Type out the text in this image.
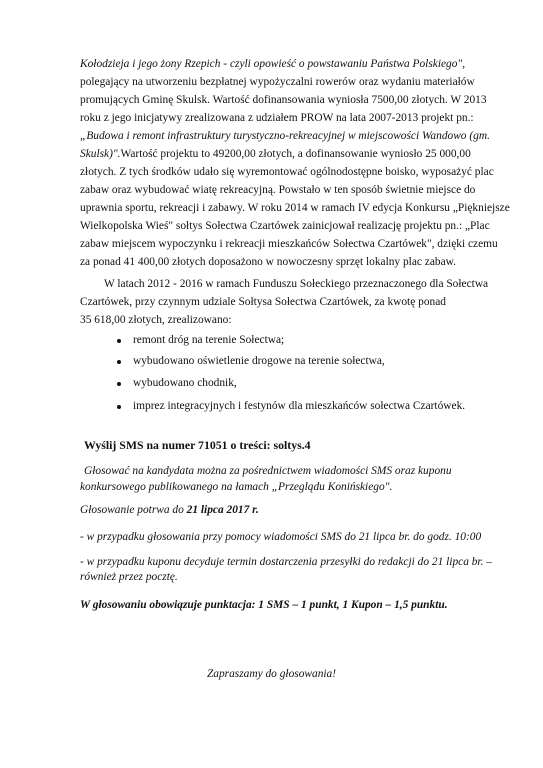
Kołodzieja i jego żony Rzepich - czyli opowieść o powstawaniu Państwa Polskiego",
polegający na utworzeniu bezpłatnej wypożyczalni rowerów oraz wydaniu materiałów
promujących Gminę Skulsk. Wartość dofinansowania wyniosła 7500,00 złotych. W 2013
roku z jego inicjatywy zrealizowana z udziałem PROW na lata 2007-2013 projekt pn.:
„Budowa i remont infrastruktury turystyczno-rekreacyjnej w miejscowości Wandowo (gm.
Skulsk)".Wartość projektu to 49200,00 złotych, a dofinansowanie wyniosło 25 000,00
złotych. Z tych środków udało się wyremontować ogólnodostępne boisko, wyposażyć plac
zabaw oraz wybudować wiatę rekreacyjną. Powstało w ten sposób świetnie miejsce do
uprawnia sportu, rekreacji i zabawy. W roku 2014 w ramach IV edycja Konkursu „Piękniejsze
Wielkopolska Wieś" sołtys Sołectwa Czartówek zainicjował realizację projektu pn.: „Plac
zabaw miejscem wypoczynku i rekreacji mieszkańców Sołectwa Czartówek", dzięki czemu
za ponad 41 400,00 złotych doposażono w nowoczesny sprzęt lokalny plac zabaw.
W latach 2012 - 2016 w ramach Funduszu Sołeckiego przeznaczonego dla Sołectwa
Czartówek, przy czynnym udziale Sołtysa Sołectwa Czartówek, za kwotę ponad
35 618,00 złotych, zrealizowano:
remont dróg na terenie Sołectwa;
wybudowano oświetlenie drogowe na terenie sołectwa,
wybudowano chodnik,
imprez integracyjnych i festynów dla mieszkańców sołectwa Czartówek.
Wyślij SMS na numer 71051 o treści: soltys.4
Głosować na kandydata można za pośrednictwem wiadomości SMS oraz kuponu
konkursowego publikowanego na łamach „Przeglądu Konińskiego".
Głosowanie potrwa do 21 lipca 2017 r.
- w przypadku głosowania przy pomocy wiadomości SMS do 21 lipca br. do godz. 10:00
- w przypadku kuponu decyduje termin dostarczenia przesyłki do redakcji do 21 lipca br. –
również przez pocztę.
W głosowaniu obowiązuje punktacja: 1 SMS – 1 punkt, 1 Kupon – 1,5 punktu.
Zapraszamy do głosowania!
